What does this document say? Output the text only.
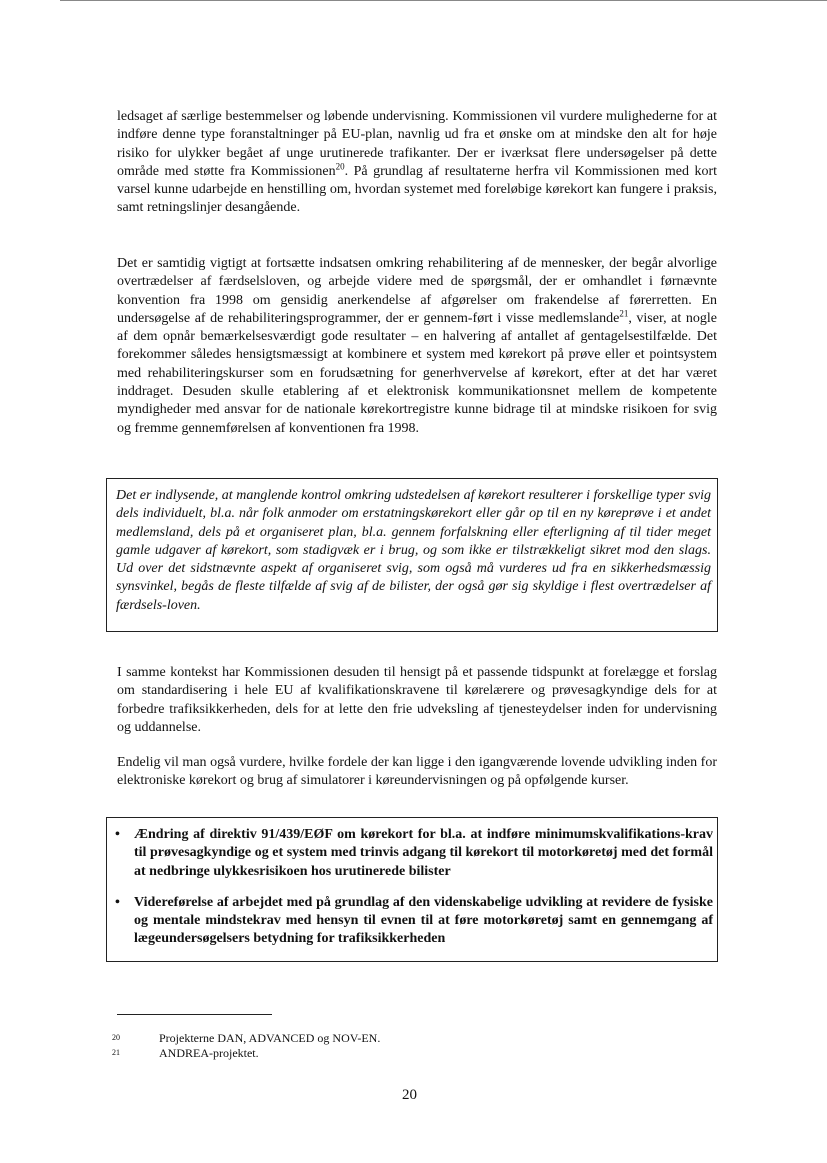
ledsaget af særlige bestemmelser og løbende undervisning. Kommissionen vil vurdere mulighederne for at indføre denne type foranstaltninger på EU-plan, navnlig ud fra et ønske om at mindske den alt for høje risiko for ulykker begået af unge urutinerede trafikanter. Der er iværksat flere undersøgelser på dette område med støtte fra Kommissionen$^{20}$. På grundlag af resultaterne herfra vil Kommissionen med kort varsel kunne udarbejde en henstilling om, hvordan systemet med foreløbige kørekort kan fungere i praksis, samt retningslinjer desangående.

Det er samtidig vigtigt at fortsætte indsatsen omkring rehabilitering af de mennesker, der begår alvorlige overtrædelser af færdselsloven, og arbejde videre med de spørgsmål, der er omhandlet i førnævnte konvention fra 1998 om gensidig anerkendelse af afgørelser om frakendelse af førerretten. En undersøgelse af de rehabiliteringsprogrammer, der er gennem-ført i visse medlemslande$^{21}$, viser, at nogle af dem opnår bemærkelsesværdigt gode resultater – en halvering af antallet af gentagelsestilfælde. Det forekommer således hensigtsmæssigt at kombinere et system med kørekort på prøve eller et pointsystem med rehabiliteringskurser som en forudsætning for generhvervelse af kørekort, efter at det har været inddraget. Desuden skulle etablering af et elektronisk kommunikationsnet mellem de kompetente myndigheder med ansvar for de nationale kørekortregistre kunne bidrage til at mindske risikoen for svig og fremme gennemførelsen af konventionen fra 1998.

Det er indlysende, at manglende kontrol omkring udstedelsen af kørekort resulterer i forskellige typer svig dels individuelt, bl.a. når folk anmoder om erstatningskørekort eller går op til en ny køreprøve i et andet medlemsland, dels på et organiseret plan, bl.a. gennem forfalskning eller efterligning af til tider meget gamle udgaver af kørekort, som stadigvæk er i brug, og som ikke er tilstrækkeligt sikret mod den slags. Ud over det sidstnævnte aspekt af organiseret svig, som også må vurderes ud fra en sikkerhedsmæssig synsvinkel, begås de fleste tilfælde af svig af de bilister, der også gør sig skyldige i flest overtrædelser af færdsels-loven.

I samme kontekst har Kommissionen desuden til hensigt på et passende tidspunkt at forelægge et forslag om standardisering i hele EU af kvalifikationskravene til kørelærere og prøvesagkyndige dels for at forbedre trafiksikkerheden, dels for at lette den frie udveksling af tjenesteydelser inden for undervisning og uddannelse.

Endelig vil man også vurdere, hvilke fordele der kan ligge i den igangværende lovende udvikling inden for elektroniske kørekort og brug af simulatorer i køreundervisningen og på opfølgende kurser.

• Ændring af direktiv 91/439/EØF om kørekort for bl.a. at indføre minimumskvalifikations-krav til prøvesagkyndige og et system med trinvis adgang til kørekort til motorkøretøj med det formål at nedbringe ulykkesrisikoen hos urutinerede bilister

• Videreførelse af arbejdet med på grundlag af den videnskabelige udvikling at revidere de fysiske og mentale mindstekrav med hensyn til evnen til at føre motorkøretøj samt en gennemgang af lægeundersøgelsers betydning for trafiksikkerheden

20	Projekterne DAN, ADVANCED og NOV-EN.
21	ANDREA-projektet.
20
